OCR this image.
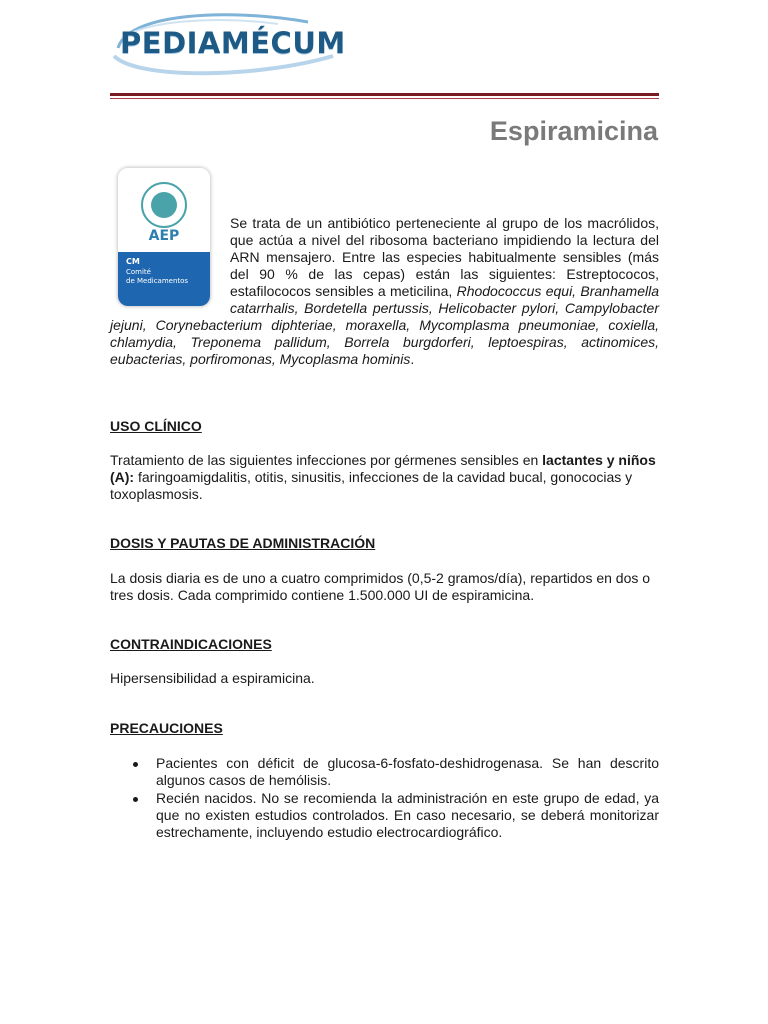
PEDIAMÉCUM
Espiramicina
AEP
CM
Comité
de Medicamentos

Se trata de un antibiótico perteneciente al grupo de los macrólidos, que actúa a nivel del ribosoma bacteriano impidiendo la lectura del ARN mensajero. Entre las especies habitualmente sensibles (más del 90 % de las cepas) están las siguientes: Estreptococos, estafilococos sensibles a meticilina, Rhodococcus equi, Branhamella catarrhalis, Bordetella pertussis, Helicobacter pylori, Campylobacter jejuni, Corynebacterium diphteriae, moraxella, Mycomplasma pneumoniae, coxiella, chlamydia, Treponema pallidum, Borrela burgdorferi, leptoespiras, actinomices, eubacterias, porfiromonas, Mycoplasma hominis.

USO CLÍNICO

Tratamiento de las siguientes infecciones por gérmenes sensibles en lactantes y niños (A): faringoamigdalitis, otitis, sinusitis, infecciones de la cavidad bucal, gonococias y toxoplasmosis.

DOSIS Y PAUTAS DE ADMINISTRACIÓN

La dosis diaria es de uno a cuatro comprimidos (0,5-2 gramos/día), repartidos en dos o tres dosis. Cada comprimido contiene 1.500.000 UI de espiramicina.

CONTRAINDICACIONES

Hipersensibilidad a espiramicina.

PRECAUCIONES
Pacientes con déficit de glucosa-6-fosfato-deshidrogenasa. Se han descrito algunos casos de hemólisis.
Recién nacidos. No se recomienda la administración en este grupo de edad, ya que no existen estudios controlados. En caso necesario, se deberá monitorizar estrechamente, incluyendo estudio electrocardiográfico.
